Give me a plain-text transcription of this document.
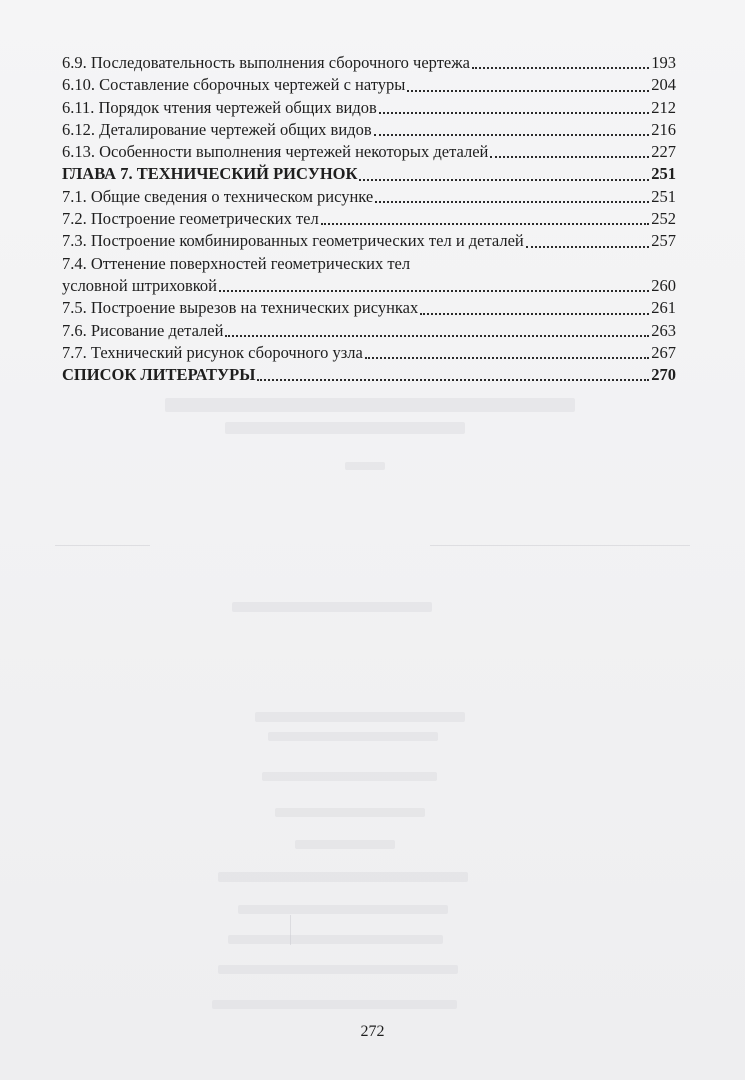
6.9. Последовательность выполнения сборочного чертежа	193
6.10. Составление сборочных чертежей с натуры	204
6.11. Порядок чтения чертежей общих видов	212
6.12. Деталирование чертежей общих видов	216
6.13. Особенности выполнения чертежей некоторых деталей	227
ГЛАВА 7. ТЕХНИЧЕСКИЙ РИСУНОК	251
7.1. Общие сведения о техническом рисунке	251
7.2. Построение геометрических тел	252
7.3. Построение комбинированных геометрических тел и деталей	257
7.4. Оттенение поверхностей геометрических тел
условной штриховкой	260
7.5. Построение вырезов на технических рисунках	261
7.6. Рисование деталей	263
7.7. Технический рисунок сборочного узла	267
СПИСОК ЛИТЕРАТУРЫ	270
272
